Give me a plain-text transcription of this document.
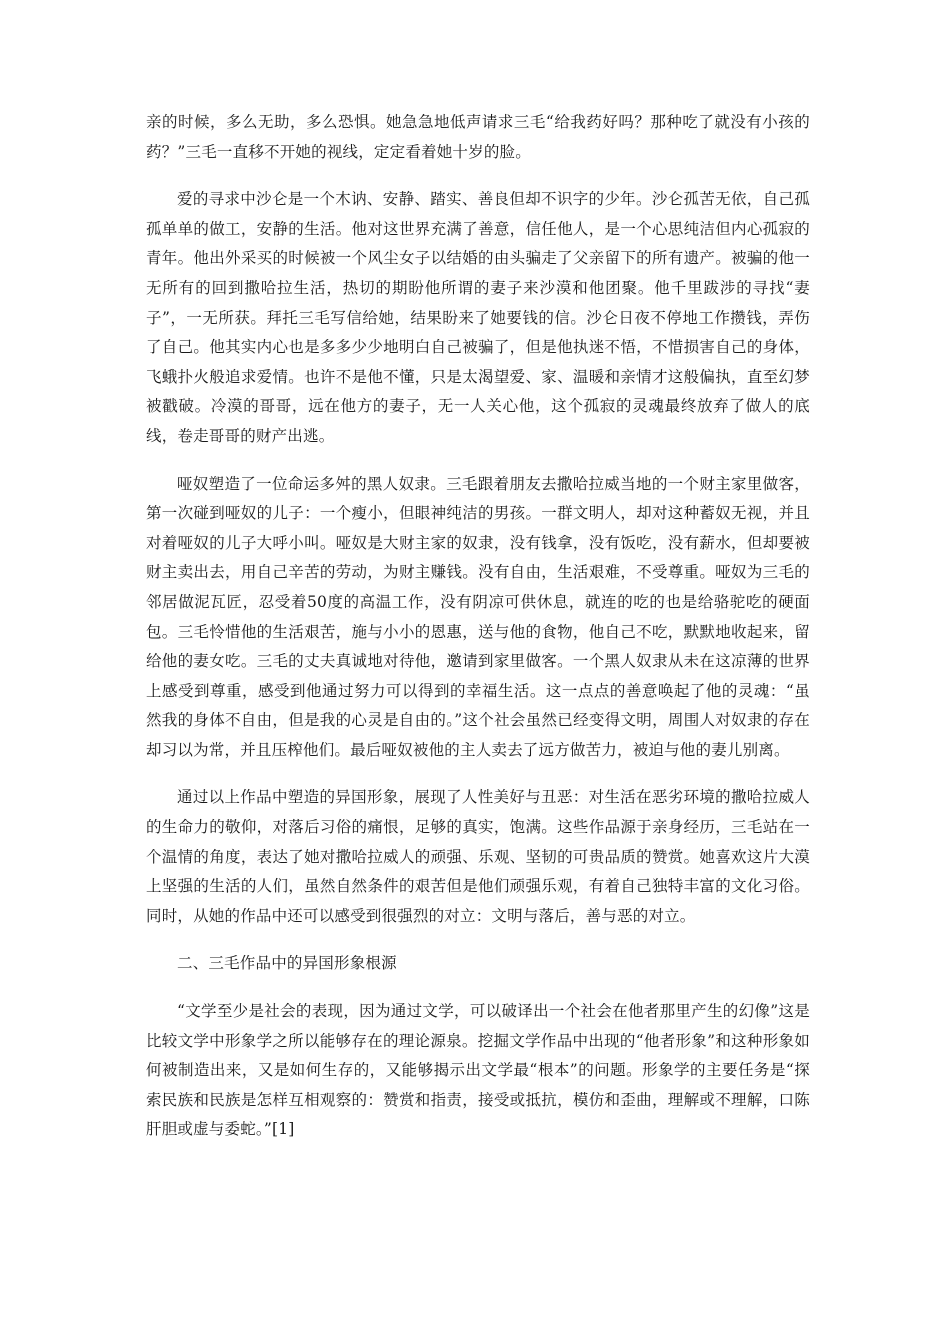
亲的时候，多么无助，多么恐惧。她急急地低声请求三毛“给我药好吗？那种吃了就没有小孩的药？”三毛一直移不开她的视线，定定看着她十岁的脸。

爱的寻求中沙仑是一个木讷、安静、踏实、善良但却不识字的少年。沙仑孤苦无依，自己孤孤单单的做工，安静的生活。他对这世界充满了善意，信任他人，是一个心思纯洁但内心孤寂的青年。他出外采买的时候被一个风尘女子以结婚的由头骗走了父亲留下的所有遗产。被骗的他一无所有的回到撒哈拉生活，热切的期盼他所谓的妻子来沙漠和他团聚。他千里跋涉的寻找“妻子”，一无所获。拜托三毛写信给她，结果盼来了她要钱的信。沙仑日夜不停地工作攒钱，弄伤了自己。他其实内心也是多多少少地明白自己被骗了，但是他执迷不悟，不惜损害自己的身体，飞蛾扑火般追求爱情。也许不是他不懂，只是太渴望爱、家、温暖和亲情才这般偏执，直至幻梦被戳破。冷漠的哥哥，远在他方的妻子，无一人关心他，这个孤寂的灵魂最终放弃了做人的底线，卷走哥哥的财产出逃。

哑奴塑造了一位命运多舛的黑人奴隶。三毛跟着朋友去撒哈拉威当地的一个财主家里做客，第一次碰到哑奴的儿子：一个瘦小，但眼神纯洁的男孩。一群文明人，却对这种蓄奴无视，并且对着哑奴的儿子大呼小叫。哑奴是大财主家的奴隶，没有钱拿，没有饭吃，没有薪水，但却要被财主卖出去，用自己辛苦的劳动，为财主赚钱。没有自由，生活艰难，不受尊重。哑奴为三毛的邻居做泥瓦匠，忍受着50度的高温工作，没有阴凉可供休息，就连的吃的也是给骆驼吃的硬面包。三毛怜惜他的生活艰苦，施与小小的恩惠，送与他的食物，他自己不吃，默默地收起来，留给他的妻女吃。三毛的丈夫真诚地对待他，邀请到家里做客。一个黑人奴隶从未在这凉薄的世界上感受到尊重，感受到他通过努力可以得到的幸福生活。这一点点的善意唤起了他的灵魂：“虽然我的身体不自由，但是我的心灵是自由的。”这个社会虽然已经变得文明，周围人对奴隶的存在却习以为常，并且压榨他们。最后哑奴被他的主人卖去了远方做苦力，被迫与他的妻儿别离。

通过以上作品中塑造的异国形象，展现了人性美好与丑恶：对生活在恶劣环境的撒哈拉威人的生命力的敬仰，对落后习俗的痛恨，足够的真实，饱满。这些作品源于亲身经历，三毛站在一个温情的角度，表达了她对撒哈拉威人的顽强、乐观、坚韧的可贵品质的赞赏。她喜欢这片大漠上坚强的生活的人们，虽然自然条件的艰苦但是他们顽强乐观，有着自己独特丰富的文化习俗。同时，从她的作品中还可以感受到很强烈的对立：文明与落后，善与恶的对立。

二、三毛作品中的异国形象根源

“文学至少是社会的表现，因为通过文学，可以破译出一个社会在他者那里产生的幻像”这是比较文学中形象学之所以能够存在的理论源泉。挖掘文学作品中出现的“他者形象”和这种形象如何被制造出来，又是如何生存的，又能够揭示出文学最“根本”的问题。形象学的主要任务是“探索民族和民族是怎样互相观察的：赞赏和指责，接受或抵抗，模仿和歪曲，理解或不理解，口陈肝胆或虚与委蛇。”[1]
